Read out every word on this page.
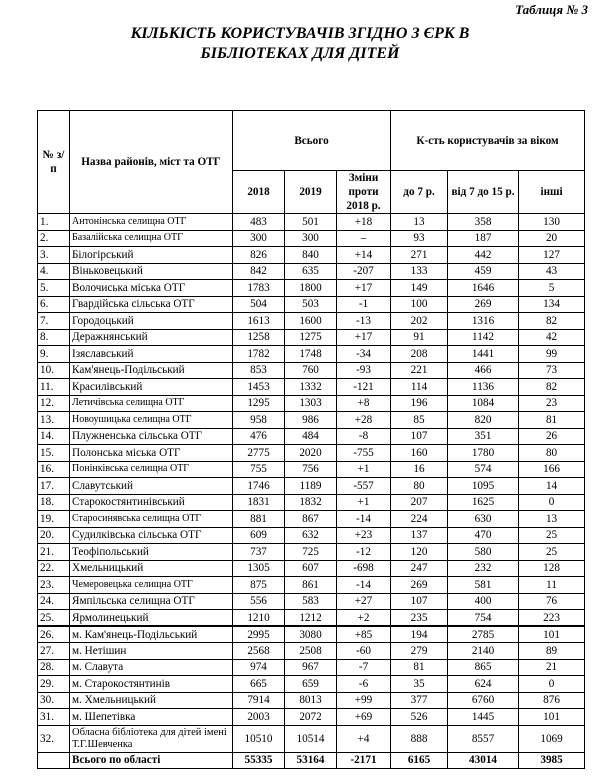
Таблиця № 3
КІЛЬКІСТЬ КОРИСТУВАЧІВ ЗГІДНО З ЄРК В
БІБЛІОТЕКАХ ДЛЯ ДІТЕЙ
№ з/п	Назва районів, міст та ОТГ	Всього			К-сть користувачів за віком		
		2018	2019	Зміни проти 2018 р.	до 7 р.	від 7 до 15 р.	інші
1.	Антонінська селищна ОТГ	483	501	+18	13	358	130
2.	Базалійська селищна ОТГ	300	300	–	93	187	20
3.	Білогірський	826	840	+14	271	442	127
4.	Віньковецький	842	635	-207	133	459	43
5.	Волочиська міська ОТГ	1783	1800	+17	149	1646	5
6.	Гвардійська сільська ОТГ	504	503	-1	100	269	134
7.	Городоцький	1613	1600	-13	202	1316	82
8.	Деражнянський	1258	1275	+17	91	1142	42
9.	Ізяславський	1782	1748	-34	208	1441	99
10.	Кам'янець-Подільський	853	760	-93	221	466	73
11.	Красилівський	1453	1332	-121	114	1136	82
12.	Летичівська селищна ОТГ	1295	1303	+8	196	1084	23
13.	Новоушицька селищна ОТГ	958	986	+28	85	820	81
14.	Плужненська сільська ОТГ	476	484	-8	107	351	26
15.	Полонська міська ОТГ	2775	2020	-755	160	1780	80
16.	Понінківська селищна ОТГ	755	756	+1	16	574	166
17.	Славутський	1746	1189	-557	80	1095	14
18.	Старокостянтинівський	1831	1832	+1	207	1625	0
19.	Старосинявська селищна ОТГ	881	867	-14	224	630	13
20.	Судилківська сільська ОТГ	609	632	+23	137	470	25
21.	Теофіпольський	737	725	-12	120	580	25
22.	Хмельницький	1305	607	-698	247	232	128
23.	Чемеровецька селищна ОТГ	875	861	-14	269	581	11
24.	Ямпільська селищна ОТГ	556	583	+27	107	400	76
25.	Ярмолинецький	1210	1212	+2	235	754	223
26.	м. Кам'янець-Подільський	2995	3080	+85	194	2785	101
27.	м. Нетішин	2568	2508	-60	279	2140	89
28.	м. Славута	974	967	-7	81	865	21
29.	м. Старокостянтинів	665	659	-6	35	624	0
30.	м. Хмельницький	7914	8013	+99	377	6760	876
31.	м. Шепетівка	2003	2072	+69	526	1445	101
32.	Обласна бібліотека для дітей імені Т.Г.Шевченка	10510	10514	+4	888	8557	1069
	Всього по області	55335	53164	-2171	6165	43014	3985
